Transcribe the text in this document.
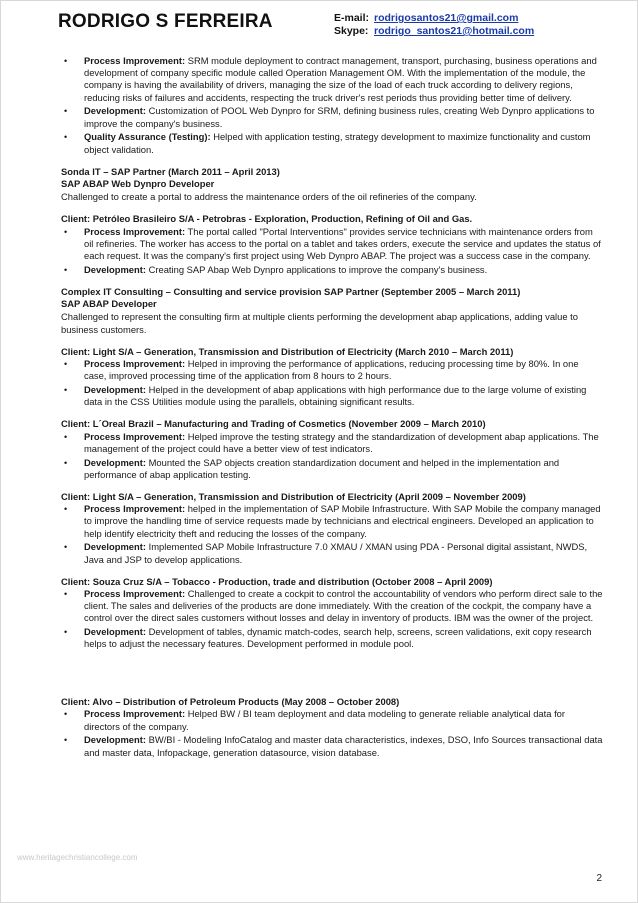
RODRIGO S FERREIRA	E-mail: rodrigosantos21@gmail.com
Skype: rodrigo_santos21@hotmail.com
• Process Improvement: SRM module deployment to contract management, transport, purchasing, business operations and development of company specific module called Operation Management OM. With the implementation of the module, the company is having the availability of drivers, managing the size of the load of each truck according to delivery regions, reducing risks of failures and accidents, respecting the truck driver's rest periods thus providing better time of delivery.
• Development: Customization of POOL Web Dynpro for SRM, defining business rules, creating Web Dynpro applications to improve the company's business.
• Quality Assurance (Testing): Helped with application testing, strategy development to maximize functionality and custom object validation.
Sonda IT – SAP Partner (March 2011 – April 2013)
SAP ABAP Web Dynpro Developer
Challenged to create a portal to address the maintenance orders of the oil refineries of the company.
Client: Petróleo Brasileiro S/A - Petrobras - Exploration, Production, Refining of Oil and Gas.
• Process Improvement: The portal called "Portal Interventions" provides service technicians with maintenance orders from oil refineries. The worker has access to the portal on a tablet and takes orders, execute the service and updates the status of each request. It was the company's first project using Web Dynpro ABAP. The project was a success case in the company.
• Development: Creating SAP Abap Web Dynpro applications to improve the company's business.
Complex IT Consulting – Consulting and service provision SAP Partner (September 2005 – March 2011)
SAP ABAP Developer
Challenged to represent the consulting firm at multiple clients performing the development abap applications, adding value to business customers.
Client: Light S/A – Generation, Transmission and Distribution of Electricity (March 2010 – March 2011)
• Process Improvement: Helped in improving the performance of applications, reducing processing time by 80%. In one case, improved processing time of the application from 8 hours to 2 hours.
• Development: Helped in the development of abap applications with high performance due to the large volume of existing data in the CSS Utilities module using the parallels, obtaining significant results.
Client: L´Oreal Brazil – Manufacturing and Trading of Cosmetics (November 2009 – March 2010)
• Process Improvement: Helped improve the testing strategy and the standardization of development abap applications. The management of the project could have a better view of test indicators.
• Development: Mounted the SAP objects creation standardization document and helped in the implementation and performance of abap application testing.
Client: Light S/A – Generation, Transmission and Distribution of Electricity (April 2009 – November 2009)
• Process Improvement: helped in the implementation of SAP Mobile Infrastructure. With SAP Mobile the company managed to improve the handling time of service requests made by technicians and electrical engineers. Developed an application to help identify electricity theft and reducing the losses of the company.
• Development: Implemented SAP Mobile Infrastructure 7.0 XMAU / XMAN using PDA - Personal digital assistant, NWDS, Java and JSP to develop applications.
Client: Souza Cruz S/A – Tobacco - Production, trade and distribution (October 2008 – April 2009)
• Process Improvement: Challenged to create a cockpit to control the accountability of vendors who perform direct sale to the client. The sales and deliveries of the products are done immediately. With the creation of the cockpit, the company have a control over the direct sales customers without losses and delay in inventory of products. IBM was the owner of the project.
• Development: Development of tables, dynamic match-codes, search help, screens, screen validations, exit copy research helps to adjust the necessary features. Development performed in module pool.
Client: Alvo – Distribution of Petroleum Products (May 2008 – October 2008)
• Process Improvement: Helped BW / BI team deployment and data modeling to generate reliable analytical data for directors of the company.
• Development: BW/BI - Modeling InfoCatalog and master data characteristics, indexes, DSO, Info Sources transactional data and master data, Infopackage, generation datasource, vision database.
www.heritagechristiancollege.com
2
